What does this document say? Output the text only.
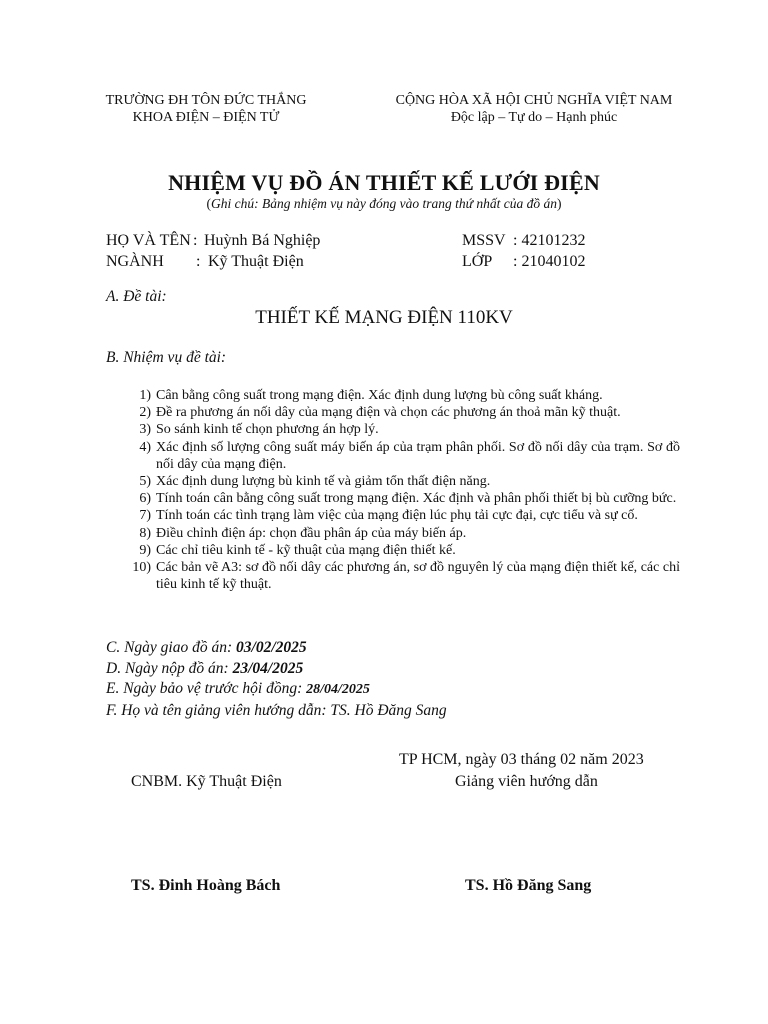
TRƯỜNG ĐH TÔN ĐỨC THẮNG
KHOA ĐIỆN – ĐIỆN TỬ
CỘNG HÒA XÃ HỘI CHỦ NGHĨA VIỆT NAM
Độc lập – Tự do – Hạnh phúc
NHIỆM VỤ ĐỒ ÁN THIẾT KẾ LƯỚI ĐIỆN
(Ghi chú: Bảng nhiệm vụ này đóng vào trang thứ nhất của đồ án)
HỌ VÀ TÊN : Huỳnh Bá Nghiệp
NGÀNH : Kỹ Thuật Điện
MSSV : 42101232
LỚP : 21040102
A. Đề tài:
THIẾT KẾ MẠNG ĐIỆN 110KV
B. Nhiệm vụ đề tài:
1) Cân bằng công suất trong mạng điện. Xác định dung lượng bù công suất kháng.
2) Đề ra phương án nối dây của mạng điện và chọn các phương án thoả mãn kỹ thuật.
3) So sánh kinh tế chọn phương án hợp lý.
4) Xác định số lượng công suất máy biến áp của trạm phân phối. Sơ đồ nối dây của trạm. Sơ đồ nối dây của mạng điện.
5) Xác định dung lượng bù kinh tế và giảm tổn thất điện năng.
6) Tính toán cân bằng công suất trong mạng điện. Xác định và phân phối thiết bị bù cưỡng bức.
7) Tính toán các tình trạng làm việc của mạng điện lúc phụ tải cực đại, cực tiểu và sự cố.
8) Điều chỉnh điện áp: chọn đầu phân áp của máy biến áp.
9) Các chỉ tiêu kinh tế - kỹ thuật của mạng điện thiết kế.
10) Các bản vẽ A3: sơ đồ nối dây các phương án, sơ đồ nguyên lý của mạng điện thiết kế, các chỉ tiêu kinh tế kỹ thuật.
C. Ngày giao đồ án: 03/02/2025
D. Ngày nộp đồ án: 23/04/2025
E. Ngày bảo vệ trước hội đồng: 28/04/2025
F. Họ và tên giảng viên hướng dẫn: TS. Hồ Đăng Sang
TP HCM, ngày 03 tháng 02 năm 2023
CNBM. Kỹ Thuật Điện	Giảng viên hướng dẫn
TS. Đinh Hoàng Bách	TS. Hồ Đăng Sang
